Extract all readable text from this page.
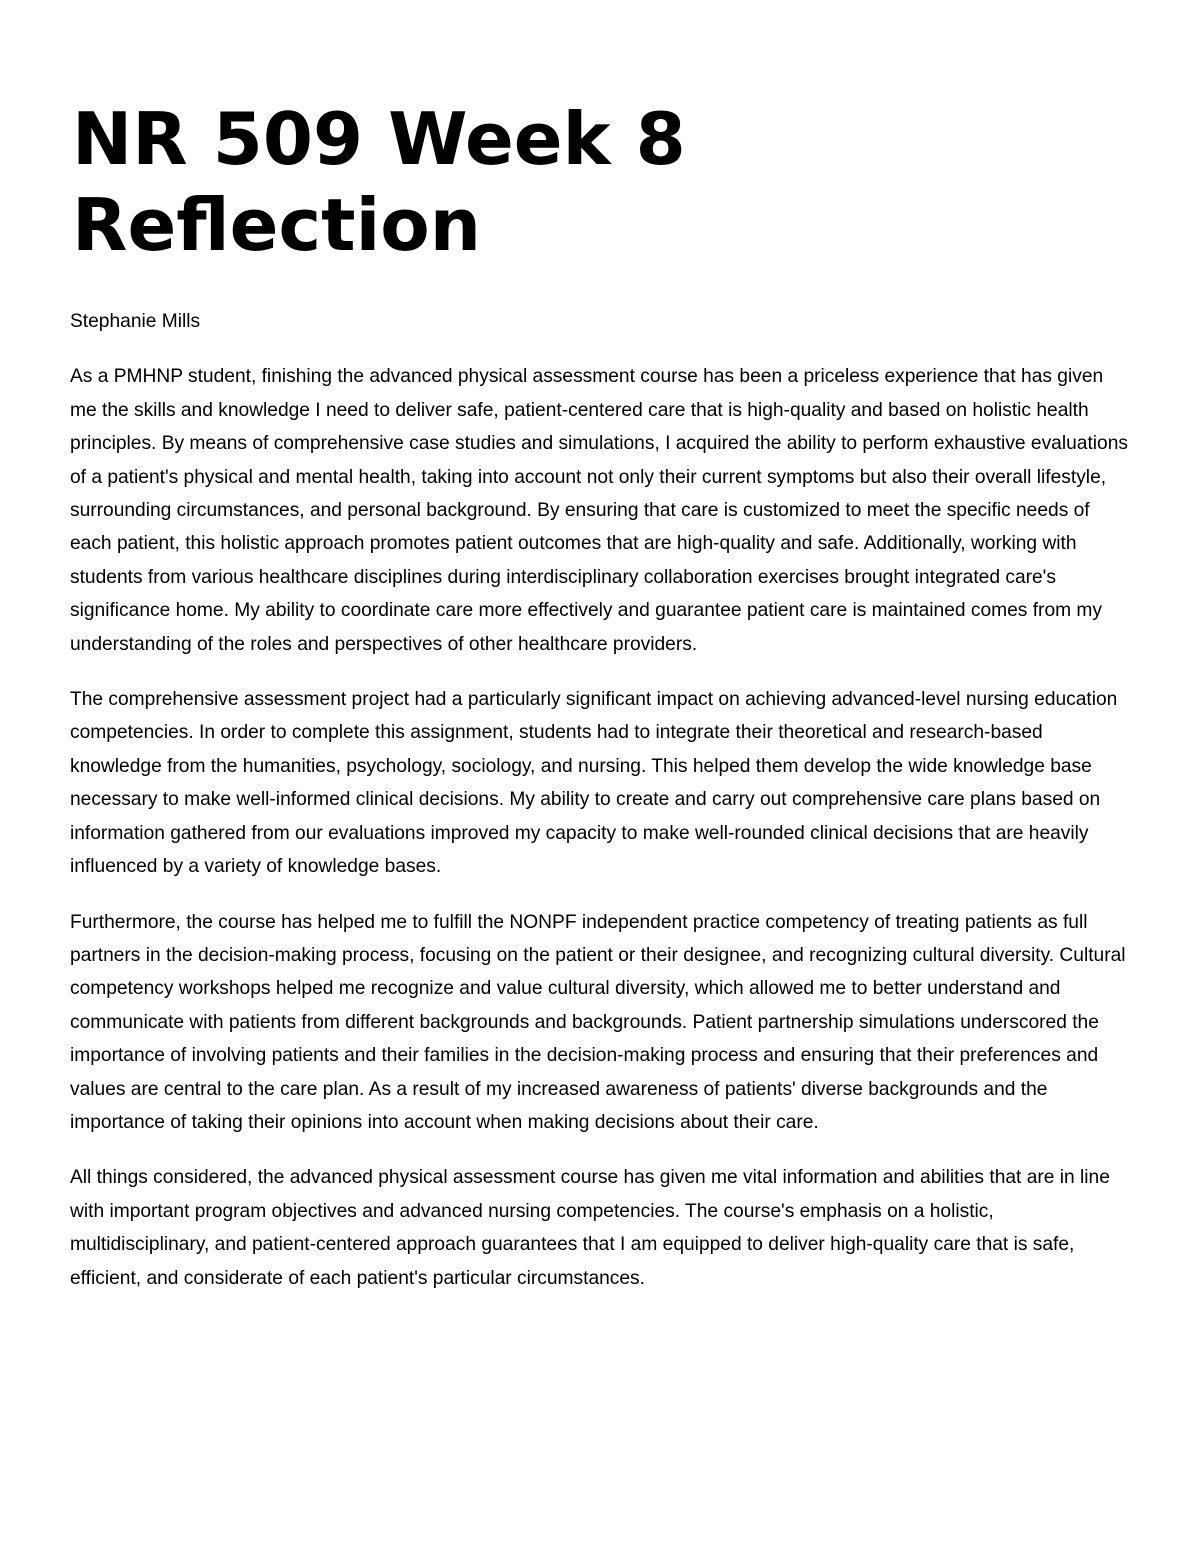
NR 509 Week 8 Reflection

Stephanie Mills

As a PMHNP student, finishing the advanced physical assessment course has been a priceless experience that has given me the skills and knowledge I need to deliver safe, patient-centered care that is high-quality and based on holistic health principles. By means of comprehensive case studies and simulations, I acquired the ability to perform exhaustive evaluations of a patient's physical and mental health, taking into account not only their current symptoms but also their overall lifestyle, surrounding circumstances, and personal background. By ensuring that care is customized to meet the specific needs of each patient, this holistic approach promotes patient outcomes that are high-quality and safe. Additionally, working with students from various healthcare disciplines during interdisciplinary collaboration exercises brought integrated care's significance home. My ability to coordinate care more effectively and guarantee patient care is maintained comes from my understanding of the roles and perspectives of other healthcare providers.

The comprehensive assessment project had a particularly significant impact on achieving advanced-level nursing education competencies. In order to complete this assignment, students had to integrate their theoretical and research-based knowledge from the humanities, psychology, sociology, and nursing. This helped them develop the wide knowledge base necessary to make well-informed clinical decisions. My ability to create and carry out comprehensive care plans based on information gathered from our evaluations improved my capacity to make well-rounded clinical decisions that are heavily influenced by a variety of knowledge bases.

Furthermore, the course has helped me to fulfill the NONPF independent practice competency of treating patients as full partners in the decision-making process, focusing on the patient or their designee, and recognizing cultural diversity. Cultural competency workshops helped me recognize and value cultural diversity, which allowed me to better understand and communicate with patients from different backgrounds and backgrounds. Patient partnership simulations underscored the importance of involving patients and their families in the decision-making process and ensuring that their preferences and values are central to the care plan. As a result of my increased awareness of patients' diverse backgrounds and the importance of taking their opinions into account when making decisions about their care.

All things considered, the advanced physical assessment course has given me vital information and abilities that are in line with important program objectives and advanced nursing competencies. The course's emphasis on a holistic, multidisciplinary, and patient-centered approach guarantees that I am equipped to deliver high-quality care that is safe, efficient, and considerate of each patient's particular circumstances.
